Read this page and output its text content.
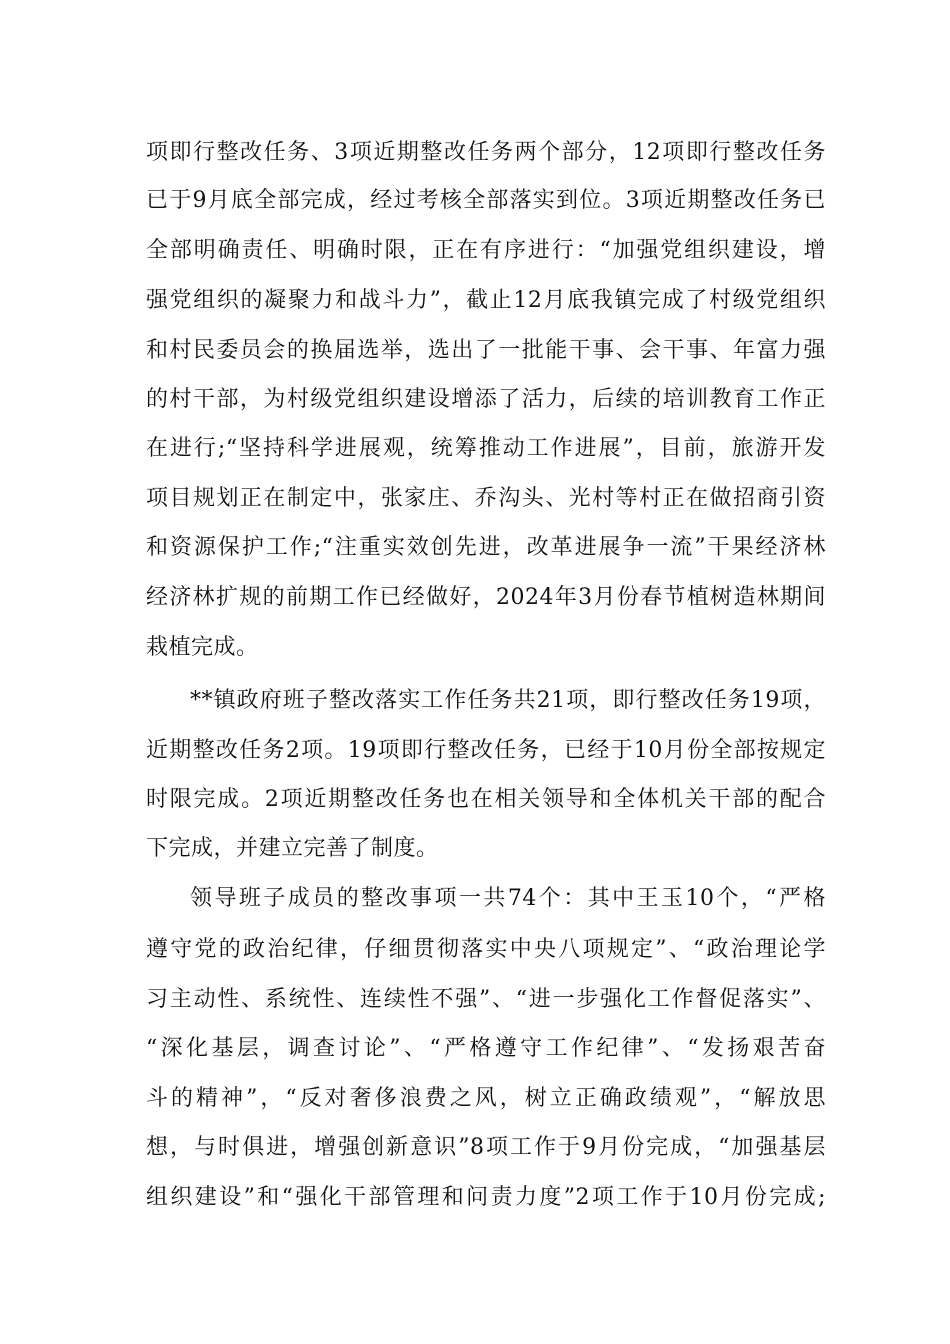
项即行整改任务、3项近期整改任务两个部分，12项即行整改任务
已于9月底全部完成，经过考核全部落实到位。3项近期整改任务已
全部明确责任、明确时限，正在有序进行：“加强党组织建设，增
强党组织的凝聚力和战斗力”，截止12月底我镇完成了村级党组织
和村民委员会的换届选举，选出了一批能干事、会干事、年富力强
的村干部，为村级党组织建设增添了活力，后续的培训教育工作正
在进行;“坚持科学进展观，统筹推动工作进展”，目前，旅游开发
项目规划正在制定中，张家庄、乔沟头、光村等村正在做招商引资
和资源保护工作;“注重实效创先进，改革进展争一流”干果经济林
经济林扩规的前期工作已经做好，2024年3月份春节植树造林期间
栽植完成。
**镇政府班子整改落实工作任务共21项，即行整改任务19项，
近期整改任务2项。19项即行整改任务，已经于10月份全部按规定
时限完成。2项近期整改任务也在相关领导和全体机关干部的配合
下完成，并建立完善了制度。
领导班子成员的整改事项一共74个：其中王玉10个，“严格
遵守党的政治纪律，仔细贯彻落实中央八项规定”、“政治理论学
习主动性、系统性、连续性不强”、“进一步强化工作督促落实”、
“深化基层，调查讨论”、“严格遵守工作纪律”、“发扬艰苦奋
斗的精神”，“反对奢侈浪费之风，树立正确政绩观”，“解放思
想，与时俱进，增强创新意识”8项工作于9月份完成，“加强基层
组织建设”和“强化干部管理和问责力度”2项工作于10月份完成;
